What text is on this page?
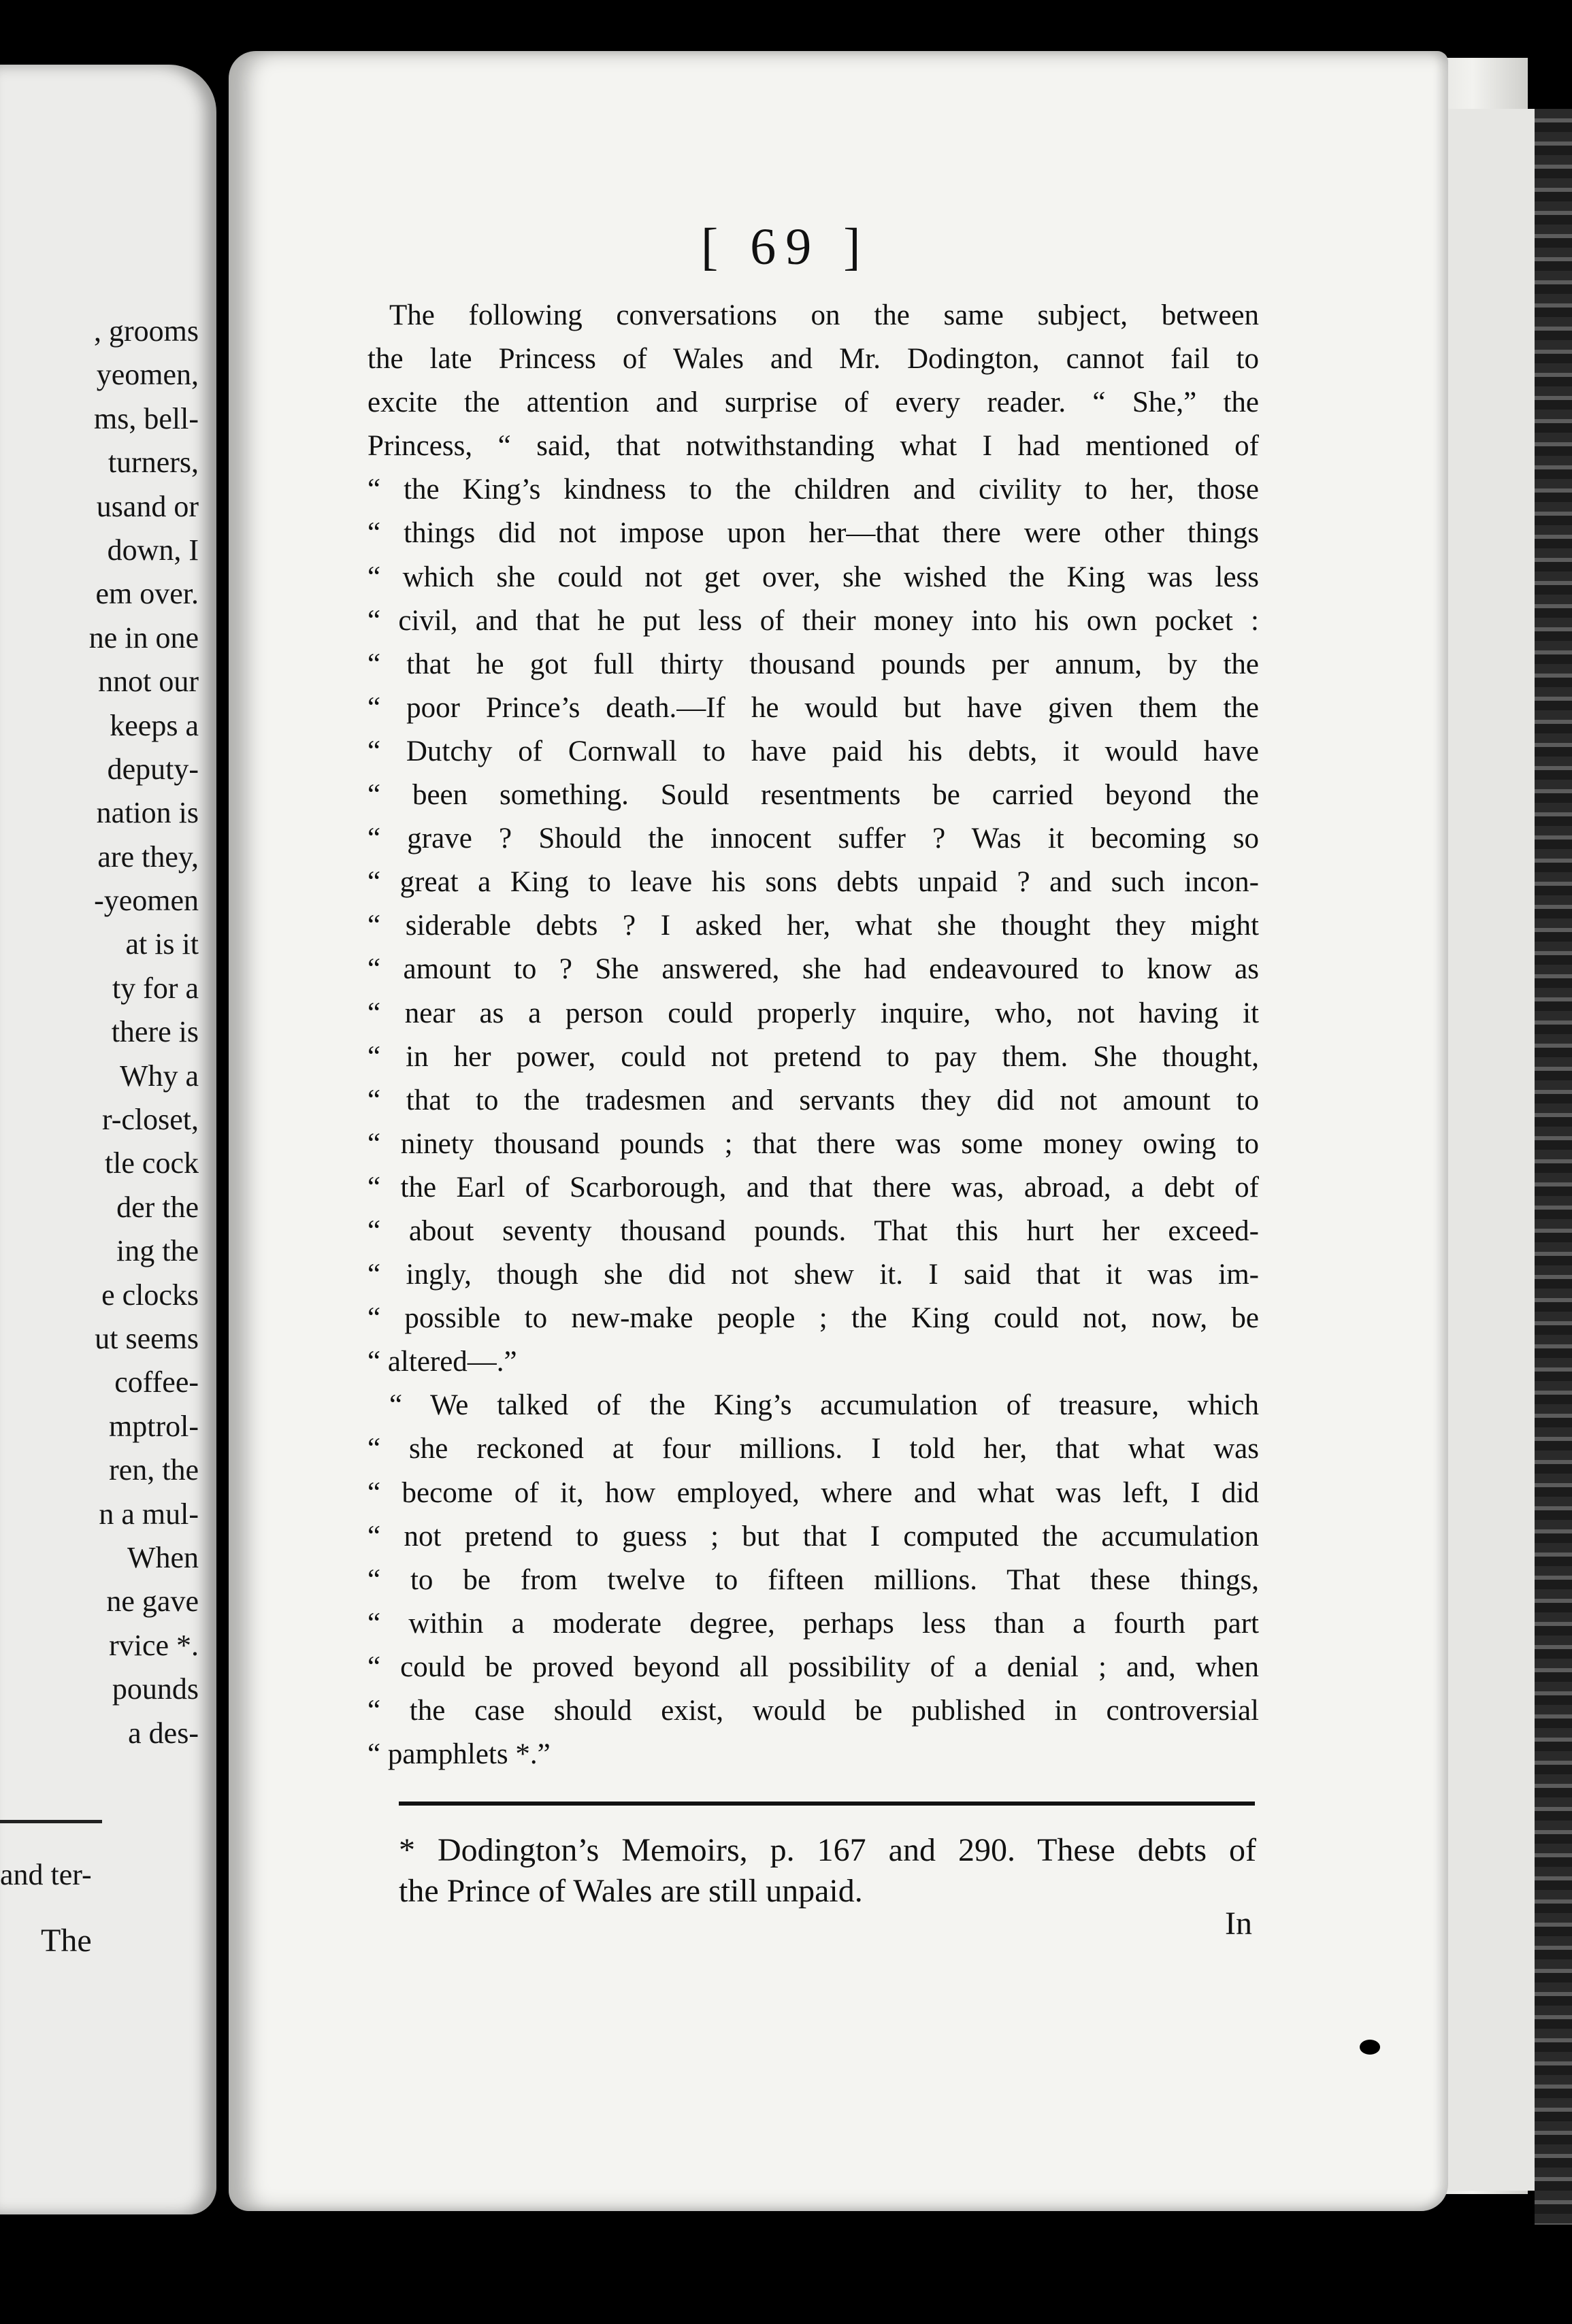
, grooms
yeomen,
ms, bell-
turners,
usand or
down, I
em over.
ne in one
nnot our
keeps a
deputy-
nation is
are they,
-yeomen
at is it
ty for a
there is
Why a
r-closet,
tle cock
der the
ing the
e clocks
ut seems
coffee-
mptrol-
ren, the
n a mul-
When
ne gave
rvice *.
pounds
a des-
and ter-
The
[ 69 ]
The following conversations on the same subject, between
the late Princess of Wales and Mr. Dodington, cannot fail to
excite the attention and surprise of every reader. “ She,” the
Princess, “ said, that notwithstanding what I had mentioned of
“ the King’s kindness to the children and civility to her, those
“ things did not impose upon her—that there were other things
“ which she could not get over, she wished the King was less
“ civil, and that he put less of their money into his own pocket :
“ that he got full thirty thousand pounds per annum, by the
“ poor Prince’s death.—If he would but have given them the
“ Dutchy of Cornwall to have paid his debts, it would have
“ been something. Sould resentments be carried beyond the
“ grave ? Should the innocent suffer ? Was it becoming so
“ great a King to leave his sons debts unpaid ? and such incon-
“ siderable debts ? I asked her, what she thought they might
“ amount to ? She answered, she had endeavoured to know as
“ near as a person could properly inquire, who, not having it
“ in her power, could not pretend to pay them. She thought,
“ that to the tradesmen and servants they did not amount to
“ ninety thousand pounds ; that there was some money owing to
“ the Earl of Scarborough, and that there was, abroad, a debt of
“ about seventy thousand pounds. That this hurt her exceed-
“ ingly, though she did not shew it. I said that it was im-
“ possible to new-make people ; the King could not, now, be
“ altered—.”
“ We talked of the King’s accumulation of treasure, which
“ she reckoned at four millions. I told her, that what was
“ become of it, how employed, where and what was left, I did
“ not pretend to guess ; but that I computed the accumulation
“ to be from twelve to fifteen millions. That these things,
“ within a moderate degree, perhaps less than a fourth part
“ could be proved beyond all possibility of a denial ; and, when
“ the case should exist, would be published in controversial
“ pamphlets *.”
* Dodington’s Memoirs, p. 167 and 290. These debts of
the Prince of Wales are still unpaid.
In
